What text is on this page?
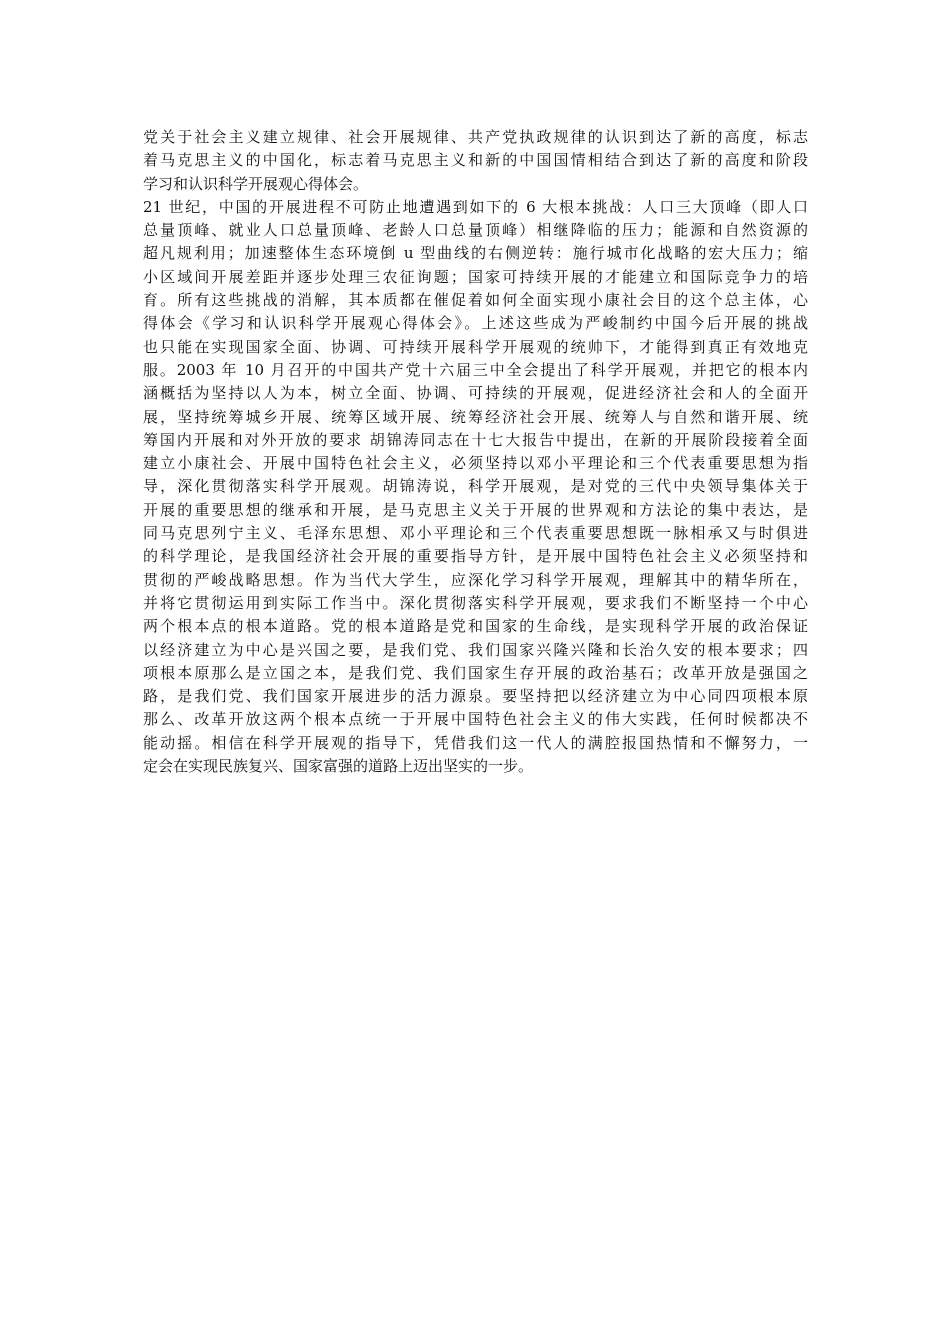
党关于社会主义建立规律、社会开展规律、共产党执政规律的认识到达了新的高度，标志
着马克思主义的中国化，标志着马克思主义和新的中国国情相结合到达了新的高度和阶段
学习和认识科学开展观心得体会。
21 世纪，中国的开展进程不可防止地遭遇到如下的 6 大根本挑战：人口三大顶峰（即人口
总量顶峰、就业人口总量顶峰、老龄人口总量顶峰）相继降临的压力；能源和自然资源的
超凡规利用；加速整体生态环境倒 u 型曲线的右侧逆转：施行城市化战略的宏大压力；缩
小区域间开展差距并逐步处理三农征询题；国家可持续开展的才能建立和国际竞争力的培
育。所有这些挑战的消解，其本质都在催促着如何全面实现小康社会目的这个总主体，心
得体会《学习和认识科学开展观心得体会》。上述这些成为严峻制约中国今后开展的挑战
也只能在实现国家全面、协调、可持续开展科学开展观的统帅下，才能得到真正有效地克
服。2003 年 10 月召开的中国共产党十六届三中全会提出了科学开展观，并把它的根本内
涵概括为坚持以人为本，树立全面、协调、可持续的开展观，促进经济社会和人的全面开
展，坚持统筹城乡开展、统筹区域开展、统筹经济社会开展、统筹人与自然和谐开展、统
筹国内开展和对外开放的要求 胡锦涛同志在十七大报告中提出，在新的开展阶段接着全面
建立小康社会、开展中国特色社会主义，必须坚持以邓小平理论和三个代表重要思想为指
导，深化贯彻落实科学开展观。胡锦涛说，科学开展观，是对党的三代中央领导集体关于
开展的重要思想的继承和开展，是马克思主义关于开展的世界观和方法论的集中表达，是
同马克思列宁主义、毛泽东思想、邓小平理论和三个代表重要思想既一脉相承又与时俱进
的科学理论，是我国经济社会开展的重要指导方针，是开展中国特色社会主义必须坚持和
贯彻的严峻战略思想。作为当代大学生，应深化学习科学开展观，理解其中的精华所在，
并将它贯彻运用到实际工作当中。深化贯彻落实科学开展观，要求我们不断坚持一个中心
两个根本点的根本道路。党的根本道路是党和国家的生命线，是实现科学开展的政治保证
以经济建立为中心是兴国之要，是我们党、我们国家兴隆兴隆和长治久安的根本要求；四
项根本原那么是立国之本，是我们党、我们国家生存开展的政治基石；改革开放是强国之
路，是我们党、我们国家开展进步的活力源泉。要坚持把以经济建立为中心同四项根本原
那么、改革开放这两个根本点统一于开展中国特色社会主义的伟大实践，任何时候都决不
能动摇。相信在科学开展观的指导下，凭借我们这一代人的满腔报国热情和不懈努力，一
定会在实现民族复兴、国家富强的道路上迈出坚实的一步。
